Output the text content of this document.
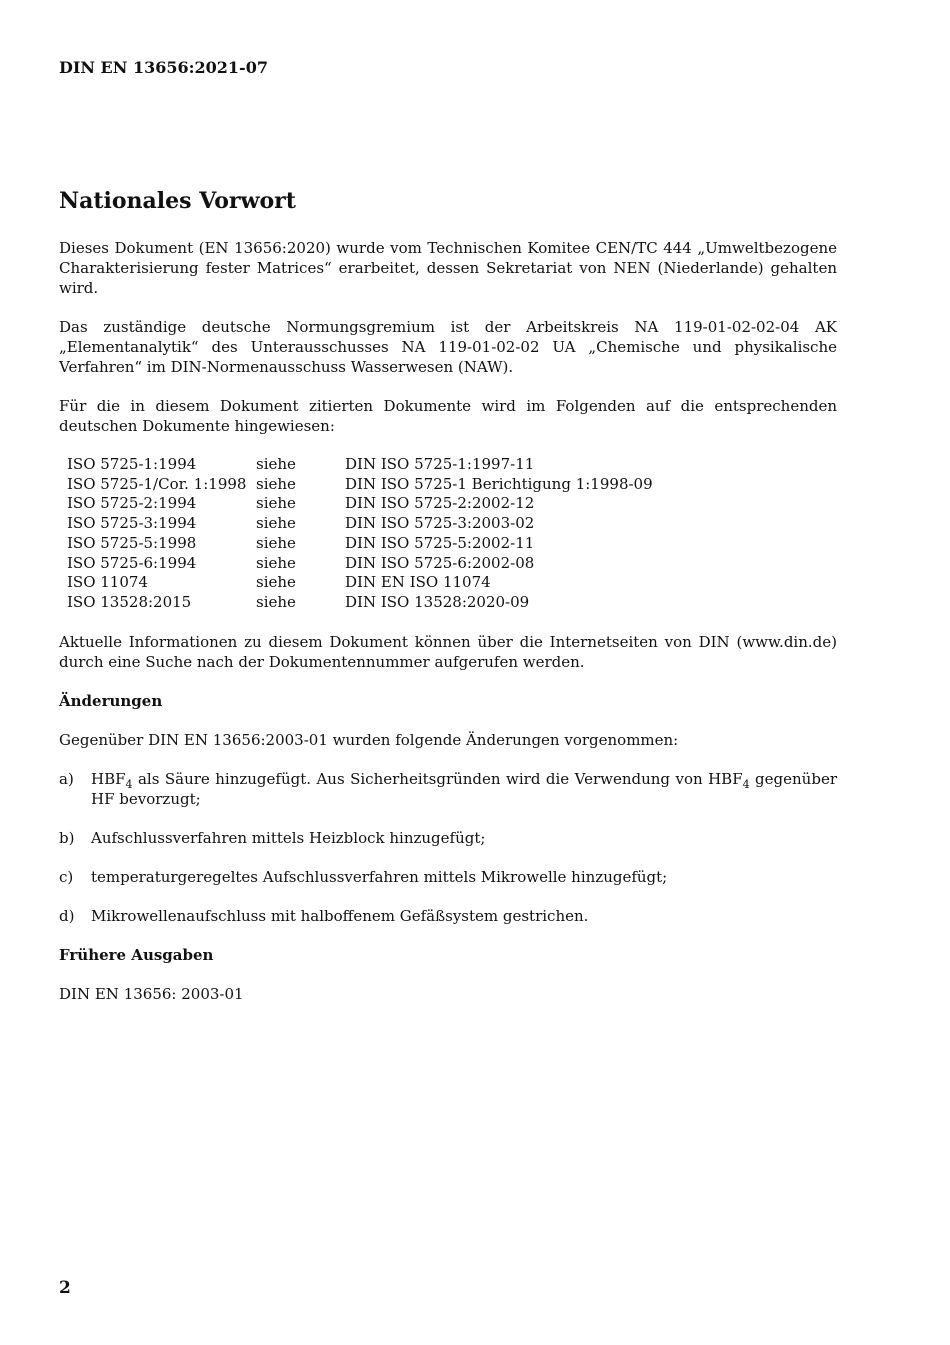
DIN EN 13656:2021-07
Nationales Vorwort

Dieses Dokument (EN 13656:2020) wurde vom Technischen Komitee CEN/TC 444 „Umweltbezogene Charakterisierung fester Matrices“ erarbeitet, dessen Sekretariat von NEN (Niederlande) gehalten wird.

Das zuständige deutsche Normungsgremium ist der Arbeitskreis NA 119-01-02-02-04 AK „Elementanalytik“ des Unterausschusses NA 119-01-02-02 UA „Chemische und physikalische Verfahren“ im DIN-Normenausschuss Wasserwesen (NAW).

Für die in diesem Dokument zitierten Dokumente wird im Folgenden auf die entsprechenden deutschen Dokumente hingewiesen:

ISO 5725-1:1994	siehe	DIN ISO 5725-1:1997-11
ISO 5725-1/Cor. 1:1998	siehe	DIN ISO 5725-1 Berichtigung 1:1998-09
ISO 5725-2:1994	siehe	DIN ISO 5725-2:2002-12
ISO 5725-3:1994	siehe	DIN ISO 5725-3:2003-02
ISO 5725-5:1998	siehe	DIN ISO 5725-5:2002-11
ISO 5725-6:1994	siehe	DIN ISO 5725-6:2002-08
ISO 11074	siehe	DIN EN ISO 11074
ISO 13528:2015	siehe	DIN ISO 13528:2020-09

Aktuelle Informationen zu diesem Dokument können über die Internetseiten von DIN (www.din.de) durch eine Suche nach der Dokumentennummer aufgerufen werden.

Änderungen

Gegenüber DIN EN 13656:2003-01 wurden folgende Änderungen vorgenommen:

a) $HBF_4$ als Säure hinzugefügt. Aus Sicherheitsgründen wird die Verwendung von $HBF_4$ gegenüber HF bevorzugt;
b) Aufschlussverfahren mittels Heizblock hinzugefügt;
c) temperaturgeregeltes Aufschlussverfahren mittels Mikrowelle hinzugefügt;
d) Mikrowellenaufschluss mit halboffenem Gefäßsystem gestrichen.
Frühere Ausgaben

DIN EN 13656: 2003-01

2
